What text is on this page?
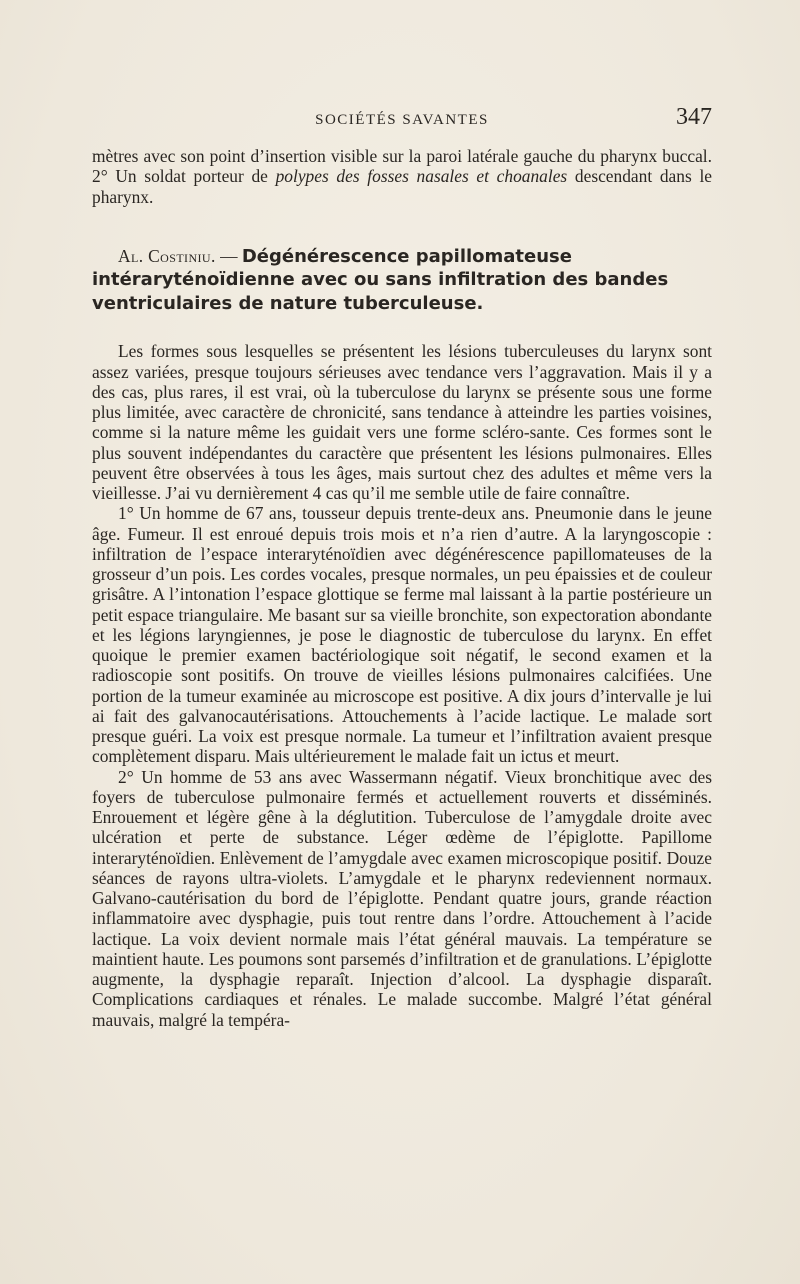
SOCIÉTÉS SAVANTES	347

mètres avec son point d’insertion visible sur la paroi latérale gauche du pharynx buccal. 2° Un soldat porteur de polypes des fosses nasales et choanales descendant dans le pharynx.

Al. Costiniu. — Dégénérescence papillomateuse intéraryténoïdienne avec ou sans infiltration des bandes ventriculaires de nature tuberculeuse.

Les formes sous lesquelles se présentent les lésions tuberculeuses du larynx sont assez variées, presque toujours sérieuses avec tendance vers l’aggravation. Mais il y a des cas, plus rares, il est vrai, où la tuberculose du larynx se présente sous une forme plus limitée, avec caractère de chronicité, sans tendance à atteindre les parties voisines, comme si la nature même les guidait vers une forme scléro-sante. Ces formes sont le plus souvent indépendantes du caractère que présentent les lésions pulmonaires. Elles peuvent être observées à tous les âges, mais surtout chez des adultes et même vers la vieillesse. J’ai vu dernièrement 4 cas qu’il me semble utile de faire connaître.

1° Un homme de 67 ans, tousseur depuis trente-deux ans. Pneumonie dans le jeune âge. Fumeur. Il est enroué depuis trois mois et n’a rien d’autre. A la laryngoscopie : infiltration de l’espace interaryténoïdien avec dégénérescence papillomateuses de la grosseur d’un pois. Les cordes vocales, presque normales, un peu épaissies et de couleur grisâtre. A l’intonation l’espace glottique se ferme mal laissant à la partie postérieure un petit espace triangulaire. Me basant sur sa vieille bronchite, son expectoration abondante et les légions laryngiennes, je pose le diagnostic de tuberculose du larynx. En effet quoique le premier examen bactériologique soit négatif, le second examen et la radioscopie sont positifs. On trouve de vieilles lésions pulmonaires calcifiées. Une portion de la tumeur examinée au microscope est positive. A dix jours d’intervalle je lui ai fait des galvanocautérisations. Attouchements à l’acide lactique. Le malade sort presque guéri. La voix est presque normale. La tumeur et l’infiltration avaient presque complètement disparu. Mais ultérieurement le malade fait un ictus et meurt.

2° Un homme de 53 ans avec Wassermann négatif. Vieux bronchitique avec des foyers de tuberculose pulmonaire fermés et actuellement rouverts et disséminés. Enrouement et légère gêne à la déglutition. Tuberculose de l’amygdale droite avec ulcération et perte de substance. Léger œdème de l’épiglotte. Papillome interaryténoïdien. Enlèvement de l’amygdale avec examen microscopique positif. Douze séances de rayons ultra-violets. L’amygdale et le pharynx redeviennent normaux. Galvano-cautérisation du bord de l’épiglotte. Pendant quatre jours, grande réaction inflammatoire avec dysphagie, puis tout rentre dans l’ordre. Attouchement à l’acide lactique. La voix devient normale mais l’état général mauvais. La température se maintient haute. Les poumons sont parsemés d’infiltration et de granulations. L’épiglotte augmente, la dysphagie reparaît. Injection d’alcool. La dysphagie disparaît. Complications cardiaques et rénales. Le malade succombe. Malgré l’état général mauvais, malgré la tempéra-
